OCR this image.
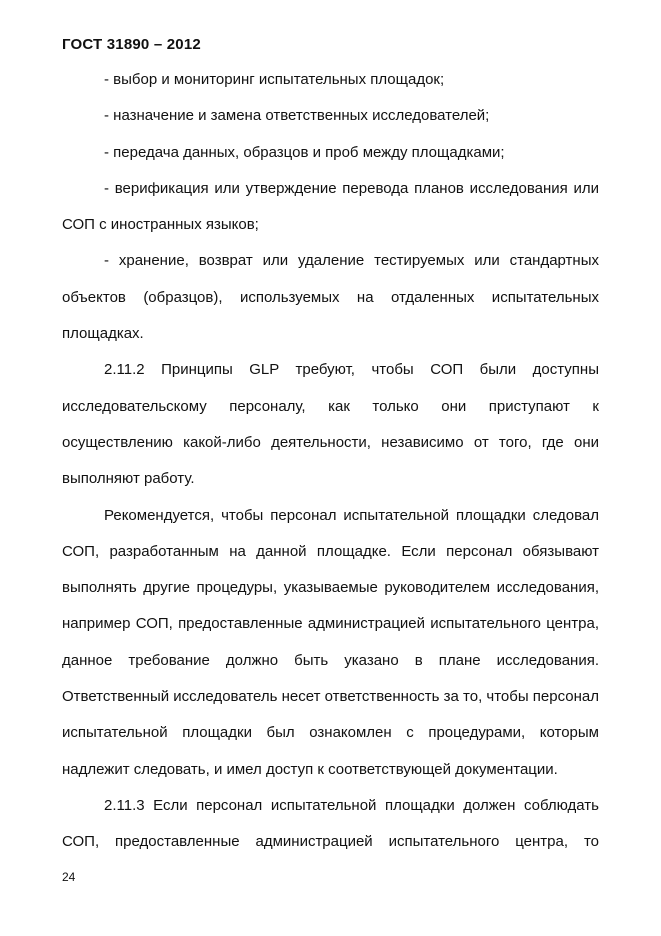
ГОСТ 31890 – 2012

- выбор и мониторинг испытательных площадок;

- назначение и замена ответственных исследователей;

- передача данных, образцов и проб между площадками;

- верификация или утверждение перевода планов исследования или СОП с иностранных языков;

- хранение, возврат или удаление тестируемых или стандартных объектов (образцов), используемых на отдаленных испытательных площадках.

2.11.2 Принципы GLP требуют, чтобы СОП были доступны исследовательскому персоналу, как только они приступают к осуществлению какой-либо деятельности, независимо от того, где они выполняют работу.

Рекомендуется, чтобы персонал испытательной площадки следовал СОП, разработанным на данной площадке. Если персонал обязывают выполнять другие процедуры, указываемые руководителем исследования, например СОП, предоставленные администрацией испытательного центра, данное требование должно быть указано в плане исследования. Ответственный исследователь несет ответственность за то, чтобы персонал испытательной площадки был ознакомлен с процедурами, которым надлежит следовать, и имел доступ к соответствующей документации.

2.11.3 Если персонал испытательной площадки должен соблюдать СОП, предоставленные администрацией испытательного центра, то

24
